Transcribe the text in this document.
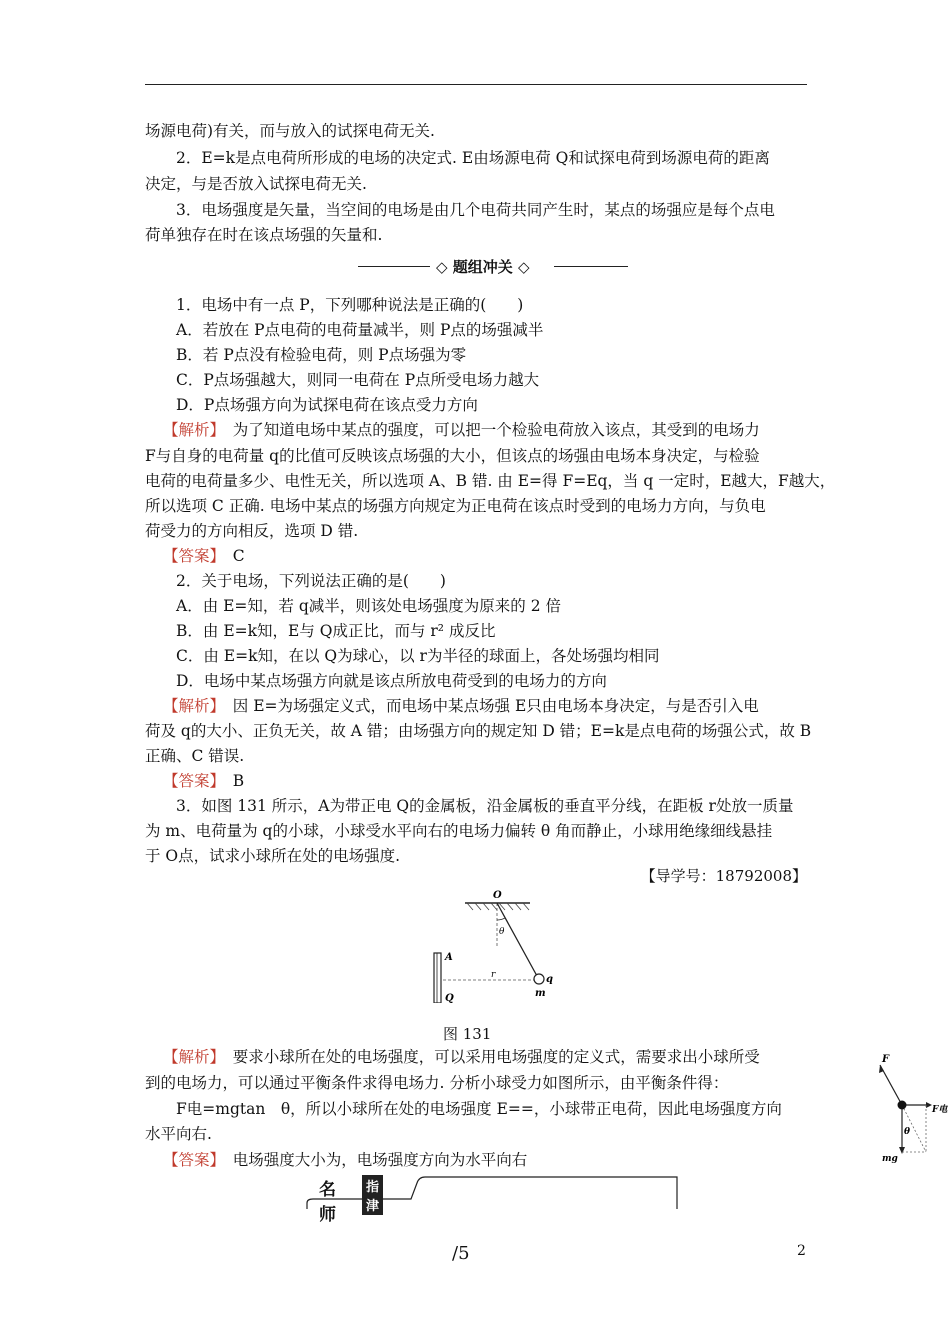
场源电荷)有关，而与放入的试探电荷无关.
2．E=k是点电荷所形成的电场的决定式. E由场源电荷 Q和试探电荷到场源电荷的距离
决定，与是否放入试探电荷无关.
3．电场强度是矢量，当空间的电场是由几个电荷共同产生时，某点的场强应是每个点电
荷单独存在时在该点场强的矢量和.
◇ 题组冲关 ◇
1．电场中有一点 P，下列哪种说法是正确的(　　)
A．若放在 P点电荷的电荷量减半，则 P点的场强减半
B．若 P点没有检验电荷，则 P点场强为零
C．P点场强越大，则同一电荷在 P点所受电场力越大
D．P点场强方向为试探电荷在该点受力方向
【解析】　 为了知道电场中某点的强度，可以把一个检验电荷放入该点，其受到的电场力
F与自身的电荷量 q的比值可反映该点场强的大小，但该点的场强由电场本身决定，与检验
电荷的电荷量多少、电性无关，所以选项 A、B 错. 由 E=得 F=Eq，当 q 一定时，E越大，F越大，
所以选项 C 正确. 电场中某点的场强方向规定为正电荷在该点时受到的电场力方向，与负电
荷受力的方向相反，选项 D 错.
【答案】　 C
2．关于电场，下列说法正确的是(　　)
A．由 E=知，若 q减半，则该处电场强度为原来的 2 倍
B．由 E=k知，E与 Q成正比，而与 r² 成反比
C．由 E=k知，在以 Q为球心，以 r为半径的球面上，各处场强均相同
D．电场中某点场强方向就是该点所放电荷受到的电场力的方向
【解析】　 因 E=为场强定义式，而电场中某点场强 E只由电场本身决定，与是否引入电
荷及 q的大小、正负无关，故 A 错；由场强方向的规定知 D 错；E=k是点电荷的场强公式，故 B
正确、C 错误.
【答案】　 B
3．如图 131 所示，A为带正电 Q的金属板，沿金属板的垂直平分线，在距板 r处放一质量
为 m、电荷量为 q的小球，小球受水平向右的电场力偏转 θ 角而静止，小球用绝缘细线悬挂
于 O点，试求小球所在处的电场强度.
【导学号：18792008】
O
θ
A
Q
r	q
m
图 131
【解析】　 要求小球所在处的电场强度，可以采用电场强度的定义式，需要求出小球所受
到的电场力，可以通过平衡条件求得电场力. 分析小球受力如图所示，由平衡条件得：
F电=mgtan　θ，所以小球所在处的电场强度 E==，小球带正电荷，因此电场强度方向
水平向右.
【答案】　 电场强度大小为，电场强度方向为水平向右
F
F电
θ
mg
名师
指津
/5	2
